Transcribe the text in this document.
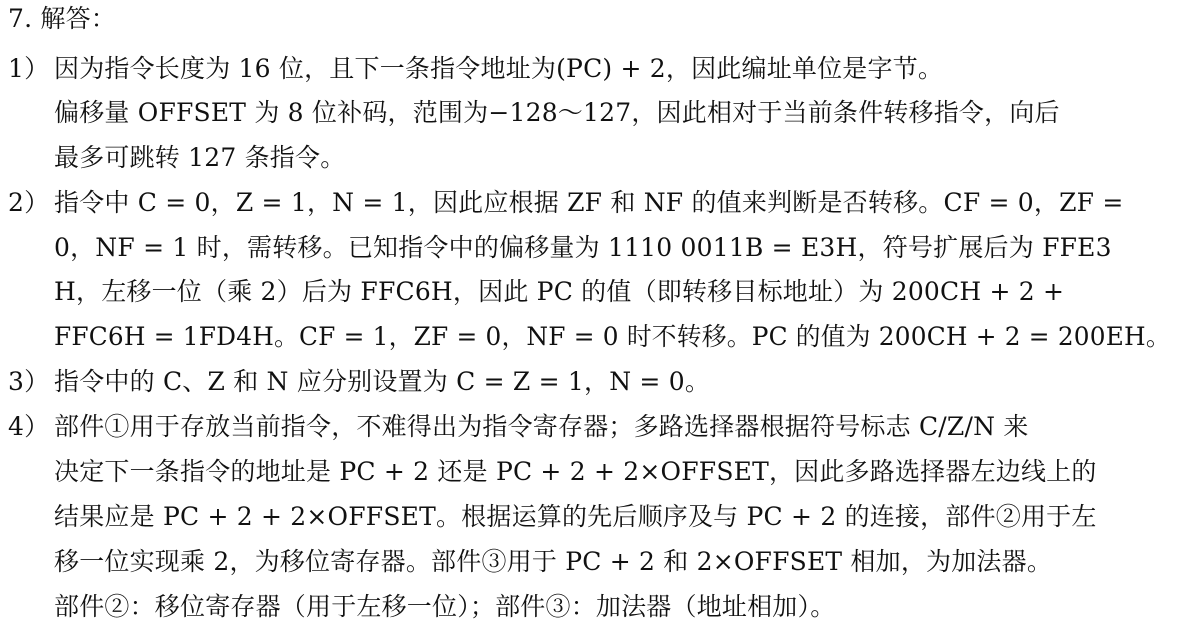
7. 解答：
1） 因为指令长度为 16 位，且下一条指令地址为(PC) + 2，因此编址单位是字节。
偏移量 OFFSET 为 8 位补码，范围为−128～127，因此相对于当前条件转移指令，向后
最多可跳转 127 条指令。
2） 指令中 C = 0，Z = 1，N = 1，因此应根据 ZF 和 NF 的值来判断是否转移。CF = 0，ZF =
0，NF = 1 时，需转移。已知指令中的偏移量为 1110 0011B = E3H，符号扩展后为 FFE3
H，左移一位（乘 2）后为 FFC6H，因此 PC 的值（即转移目标地址）为 200CH + 2 +
FFC6H = 1FD4H。CF = 1，ZF = 0，NF = 0 时不转移。PC 的值为 200CH + 2 = 200EH。
3） 指令中的 C、Z 和 N 应分别设置为 C = Z = 1，N = 0。
4） 部件①用于存放当前指令，不难得出为指令寄存器；多路选择器根据符号标志 C/Z/N 来
决定下一条指令的地址是 PC + 2 还是 PC + 2 + 2×OFFSET，因此多路选择器左边线上的
结果应是 PC + 2 + 2×OFFSET。根据运算的先后顺序及与 PC + 2 的连接，部件②用于左
移一位实现乘 2，为移位寄存器。部件③用于 PC + 2 和 2×OFFSET 相加，为加法器。
部件②：移位寄存器（用于左移一位）；部件③：加法器（地址相加）。
